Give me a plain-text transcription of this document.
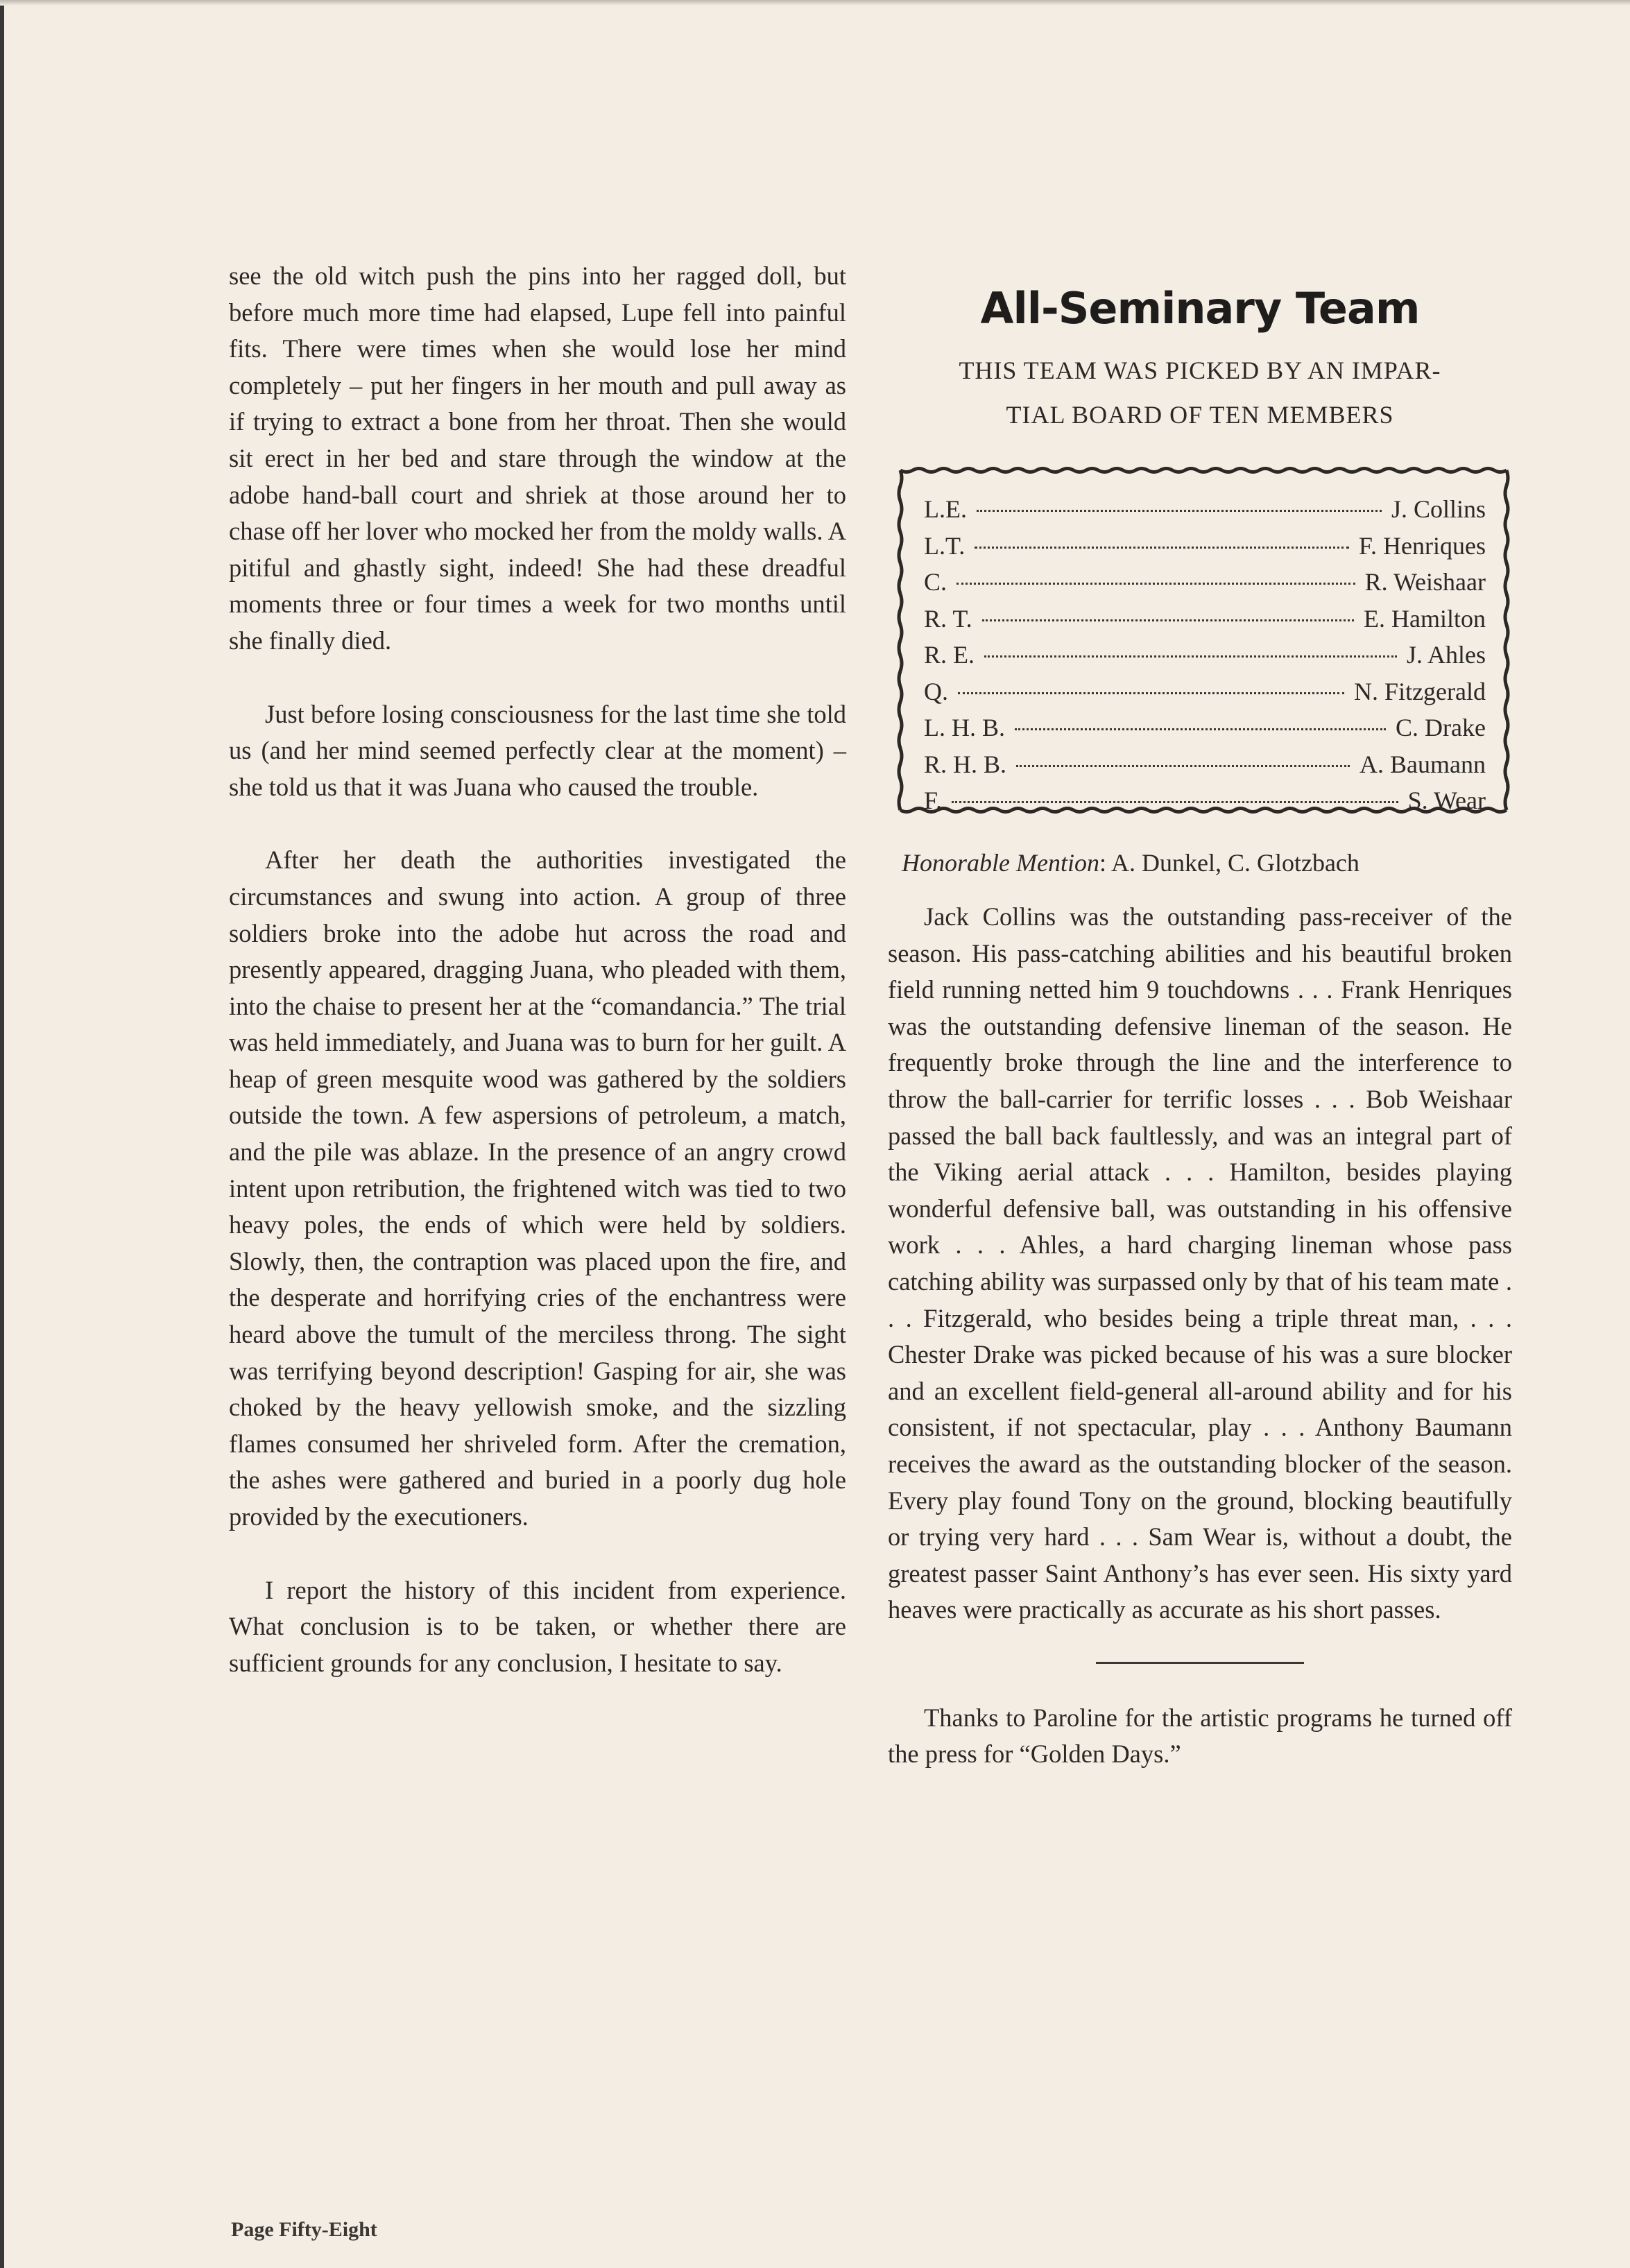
see the old witch push the pins into her ragged doll, but before much more time had elapsed, Lupe fell into painful fits. There were times when she would lose her mind completely – put her fingers in her mouth and pull away as if trying to extract a bone from her throat. Then she would sit erect in her bed and stare through the window at the adobe hand-ball court and shriek at those around her to chase off her lover who mocked her from the moldy walls. A pitiful and ghastly sight, indeed! She had these dreadful moments three or four times a week for two months until she finally died.

Just before losing consciousness for the last time she told us (and her mind seemed perfectly clear at the moment) – she told us that it was Juana who caused the trouble.

After her death the authorities investigated the circumstances and swung into action. A group of three soldiers broke into the adobe hut across the road and presently appeared, dragging Juana, who pleaded with them, into the chaise to present her at the “comandancia.” The trial was held immediately, and Juana was to burn for her guilt. A heap of green mesquite wood was gathered by the soldiers outside the town. A few aspersions of petroleum, a match, and the pile was ablaze. In the presence of an angry crowd intent upon retribution, the frightened witch was tied to two heavy poles, the ends of which were held by soldiers. Slowly, then, the contraption was placed upon the fire, and the desperate and horrifying cries of the enchantress were heard above the tumult of the merciless throng. The sight was terrifying beyond description! Gasping for air, she was choked by the heavy yellowish smoke, and the sizzling flames consumed her shriveled form. After the cremation, the ashes were gathered and buried in a poorly dug hole provided by the executioners.

I report the history of this incident from experience. What conclusion is to be taken, or whether there are sufficient grounds for any conclusion, I hesitate to say.

All-Seminary Team
THIS TEAM WAS PICKED BY AN IMPAR-
TIAL BOARD OF TEN MEMBERS
L.E.	J. Collins
L.T.	F. Henriques
C.	R. Weishaar
R. T.	E. Hamilton
R. E.	J. Ahles
Q.	N. Fitzgerald
L. H. B.	C. Drake
R. H. B.	A. Baumann
F.	S. Wear
Honorable Mention: A. Dunkel, C. Glotzbach

Jack Collins was the outstanding pass-receiver of the season. His pass-catching abilities and his beautiful broken field running netted him 9 touchdowns . . . Frank Henriques was the outstanding defensive lineman of the season. He frequently broke through the line and the interference to throw the ball-carrier for terrific losses . . . Bob Weishaar passed the ball back faultlessly, and was an integral part of the Viking aerial attack . . . Hamilton, besides playing wonderful defensive ball, was outstanding in his offensive work . . . Ahles, a hard charging lineman whose pass catching ability was surpassed only by that of his team mate . . . Fitzgerald, who besides being a triple threat man, . . . Chester Drake was picked because of his was a sure blocker and an excellent field-general all-around ability and for his consistent, if not spectacular, play . . . Anthony Baumann receives the award as the outstanding blocker of the season. Every play found Tony on the ground, blocking beautifully or trying very hard . . . Sam Wear is, without a doubt, the greatest passer Saint Anthony’s has ever seen. His sixty yard heaves were practically as accurate as his short passes.

Thanks to Paroline for the artistic programs he turned off the press for “Golden Days.”

Page Fifty-Eight
